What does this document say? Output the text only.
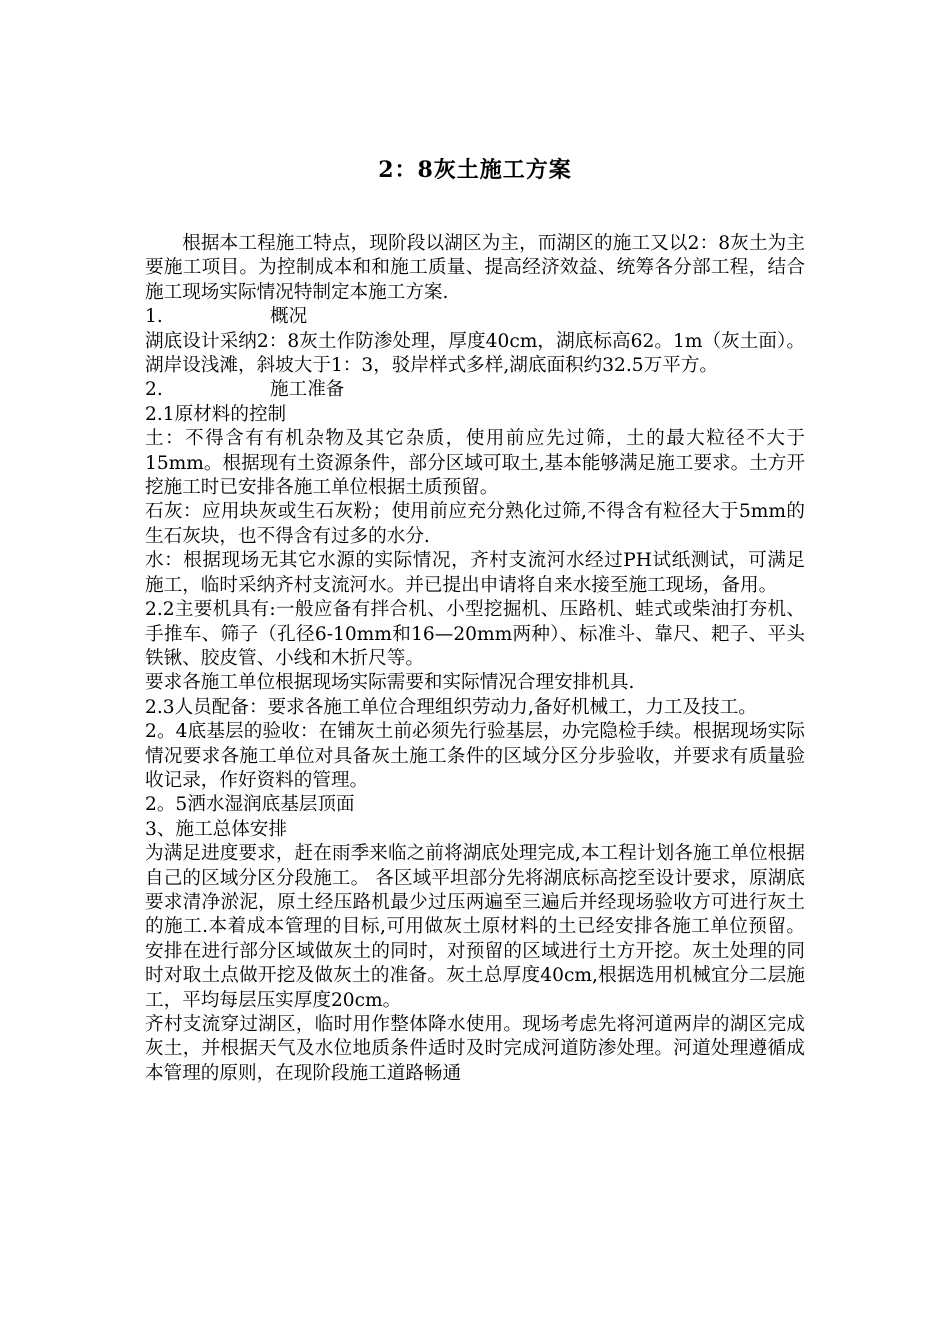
2：8灰土施工方案

根据本工程施工特点，现阶段以湖区为主，而湖区的施工又以2：8灰土为主要施工项目。为控制成本和和施工质量、提高经济效益、统筹各分部工程，结合施工现场实际情况特制定本施工方案.

1.	概况

湖底设计采纳2：8灰土作防渗处理，厚度40cm，湖底标高62。1m（灰土面）。湖岸设浅滩，斜坡大于1：3，驳岸样式多样,湖底面积约32.5万平方。

2.	施工准备

2.1原材料的控制

土：不得含有有机杂物及其它杂质，使用前应先过筛，土的最大粒径不大于15mm。根据现有土资源条件，部分区域可取土,基本能够满足施工要求。土方开挖施工时已安排各施工单位根据土质预留。

石灰：应用块灰或生石灰粉；使用前应充分熟化过筛,不得含有粒径大于5mm的生石灰块，也不得含有过多的水分.

水：根据现场无其它水源的实际情况，齐村支流河水经过PH试纸测试，可满足施工，临时采纳齐村支流河水。并已提出申请将自来水接至施工现场，备用。

2.2主要机具有:一般应备有拌合机、小型挖掘机、压路机、蛙式或柴油打夯机、手推车、筛子（孔径6-10mm和16—20mm两种）、标准斗、靠尺、耙子、平头铁锹、胶皮管、小线和木折尺等。

要求各施工单位根据现场实际需要和实际情况合理安排机具.

2.3人员配备：要求各施工单位合理组织劳动力,备好机械工，力工及技工。

2。4底基层的验收：在铺灰土前必须先行验基层，办完隐检手续。根据现场实际情况要求各施工单位对具备灰土施工条件的区域分区分步验收，并要求有质量验收记录，作好资料的管理。

2。5洒水湿润底基层顶面

3、施工总体安排

为满足进度要求，赶在雨季来临之前将湖底处理完成,本工程计划各施工单位根据自己的区域分区分段施工。 各区域平坦部分先将湖底标高挖至设计要求，原湖底要求清净淤泥，原土经压路机最少过压两遍至三遍后并经现场验收方可进行灰土的施工.本着成本管理的目标,可用做灰土原材料的土已经安排各施工单位预留。安排在进行部分区域做灰土的同时，对预留的区域进行土方开挖。灰土处理的同时对取土点做开挖及做灰土的准备。灰土总厚度40cm,根据选用机械宜分二层施工，平均每层压实厚度20cm。

齐村支流穿过湖区，临时用作整体降水使用。现场考虑先将河道两岸的湖区完成灰土，并根据天气及水位地质条件适时及时完成河道防渗处理。河道处理遵循成本管理的原则，在现阶段施工道路畅通
